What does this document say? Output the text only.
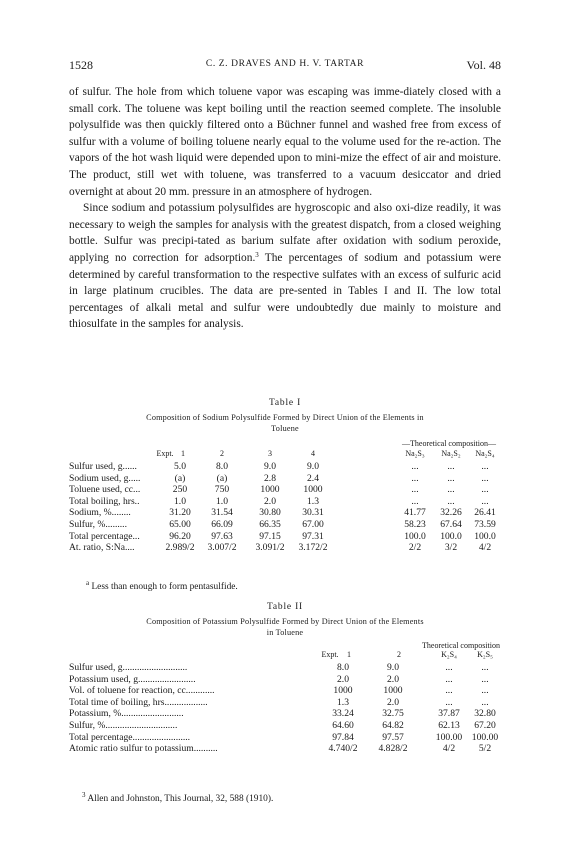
1528	C. Z. DRAVES AND H. V. TARTAR	Vol. 48

of sulfur. The hole from which toluene vapor was escaping was imme-diately closed with a small cork. The toluene was kept boiling until the reaction seemed complete. The insoluble polysulfide was then quickly filtered onto a Büchner funnel and washed free from excess of sulfur with a volume of boiling toluene nearly equal to the volume used for the re-action. The vapors of the hot wash liquid were depended upon to mini-mize the effect of air and moisture. The product, still wet with toluene, was transferred to a vacuum desiccator and dried overnight at about 20 mm. pressure in an atmosphere of hydrogen.

Since sodium and potassium polysulfides are hygroscopic and also oxi-dize readily, it was necessary to weigh the samples for analysis with the greatest dispatch, from a closed weighing bottle. Sulfur was precipi-tated as barium sulfate after oxidation with sodium peroxide, applying no correction for adsorption.$^3$ The percentages of sodium and potassium were determined by careful transformation to the respective sulfates with an excess of sulfuric acid in large platinum crucibles. The data are pre-sented in Tables I and II. The low total percentages of alkali metal and sulfur were undoubtedly due mainly to moisture and thiosulfate in the samples for analysis.

Table I
Composition of Sodium Polysulfide Formed by Direct Union of the Elements in
Toluene
—Theoretical composition—
Expt. 1	2	3	4	Na₂S₃	Na₂S₂	Na₂S₄
Sulfur used, g......	5.0	8.0	9.0	9.0	...	...	...
Sodium used, g.....	(a)	(a)	2.8	2.4	...	...	...
Toluene used, cc...	250	750	1000	1000	...	...	...
Total boiling, hrs..	1.0	1.0	2.0	1.3	...	...	...
Sodium, %........	31.20	31.54	30.80	30.31	41.77	32.26	26.41
Sulfur, %.........	65.00	66.09	66.35	67.00	58.23	67.64	73.59
Total percentage...	96.20	97.63	97.15	97.31	100.0	100.0	100.0
At. ratio, S:Na....	2.989/2	3.007/2	3.091/2	3.172/2	2/2	3/2	4/2
$^a$ Less than enough to form pentasulfide.
Table II
Composition of Potassium Polysulfide Formed by Direct Union of the Elements
in Toluene
Theoretical composition
Expt.	1	2	K₂S₄	K₂S₅
Sulfur used, g...........................	8.0	9.0	...	...
Potassium used, g........................	2.0	2.0	...	...
Vol. of toluene for reaction, cc............	1000	1000	...	...
Total time of boiling, hrs..................	1.3	2.0	...	...
Potassium, %..........................	33.24	32.75	37.87	32.80
Sulfur, %..............................	64.60	64.82	62.13	67.20
Total percentage........................	97.84	97.57	100.00	100.00
Atomic ratio sulfur to potassium..........	4.740/2	4.828/2	4/2	5/2
$^3$ Allen and Johnston, This Journal, 32, 588 (1910).
